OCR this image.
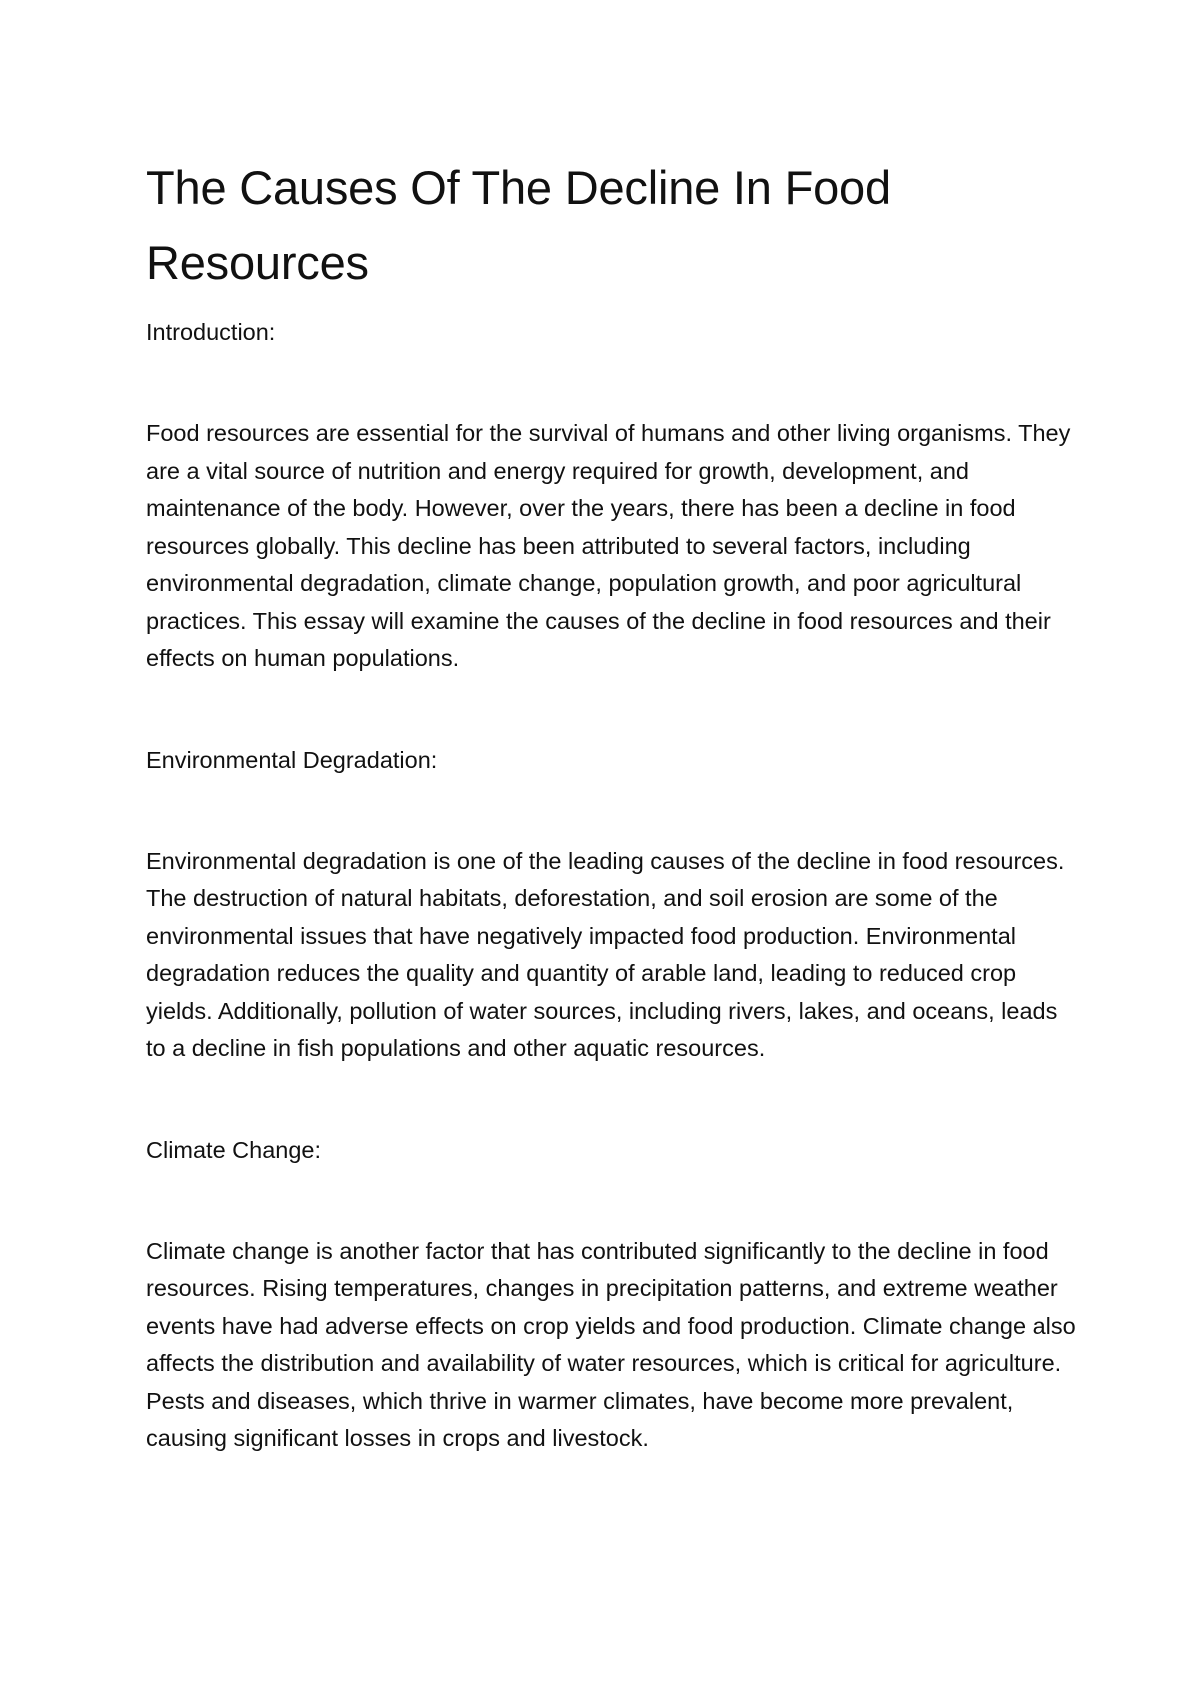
The Causes Of The Decline In Food Resources

Introduction:

Food resources are essential for the survival of humans and other living organisms. They are a vital source of nutrition and energy required for growth, development, and maintenance of the body. However, over the years, there has been a decline in food resources globally. This decline has been attributed to several factors, including environmental degradation, climate change, population growth, and poor agricultural practices. This essay will examine the causes of the decline in food resources and their effects on human populations.

Environmental Degradation:

Environmental degradation is one of the leading causes of the decline in food resources. The destruction of natural habitats, deforestation, and soil erosion are some of the environmental issues that have negatively impacted food production. Environmental degradation reduces the quality and quantity of arable land, leading to reduced crop yields. Additionally, pollution of water sources, including rivers, lakes, and oceans, leads to a decline in fish populations and other aquatic resources.

Climate Change:

Climate change is another factor that has contributed significantly to the decline in food resources. Rising temperatures, changes in precipitation patterns, and extreme weather events have had adverse effects on crop yields and food production. Climate change also affects the distribution and availability of water resources, which is critical for agriculture. Pests and diseases, which thrive in warmer climates, have become more prevalent, causing significant losses in crops and livestock.
